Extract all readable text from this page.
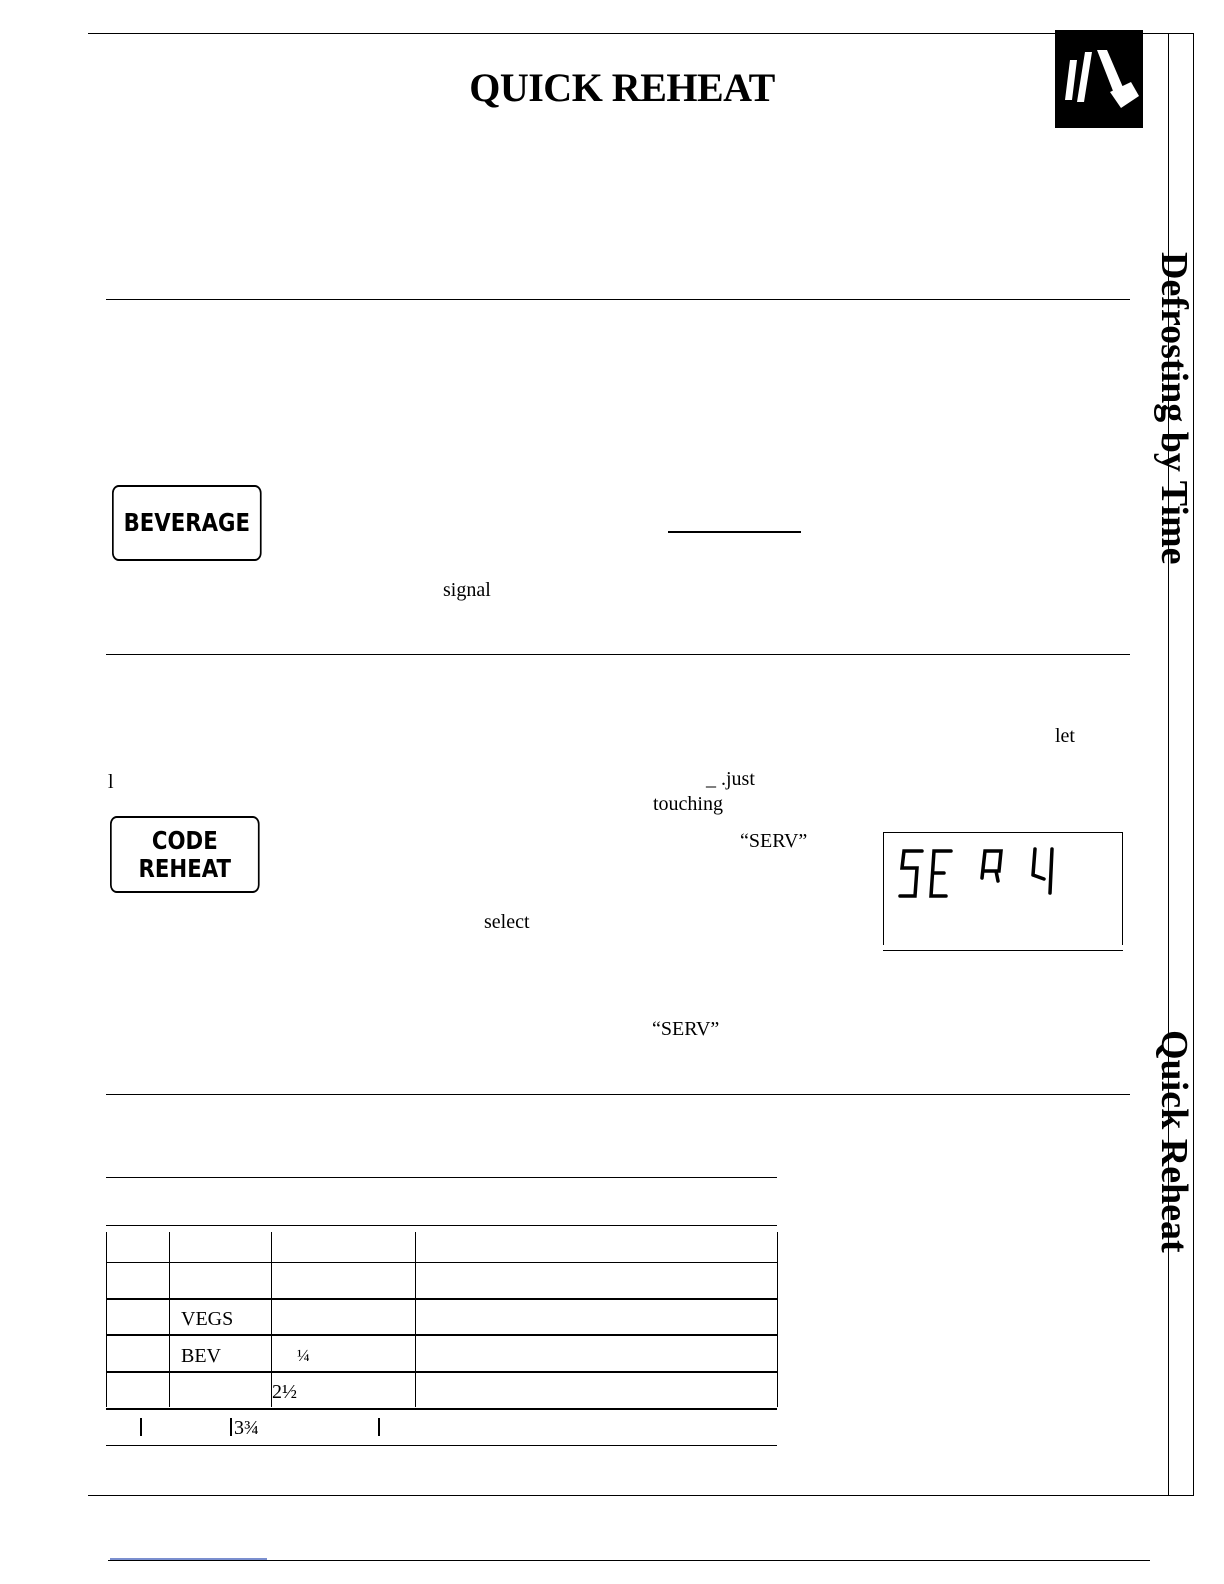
QUICK REHEAT
Defrosting by Time
Quick Reheat
BEVERAGE
signal
let
l	_ .just
touching
“SERV”
select
“SERV”
CODE
REHEAT
VEGS
BEV	¼
2½
3¾
